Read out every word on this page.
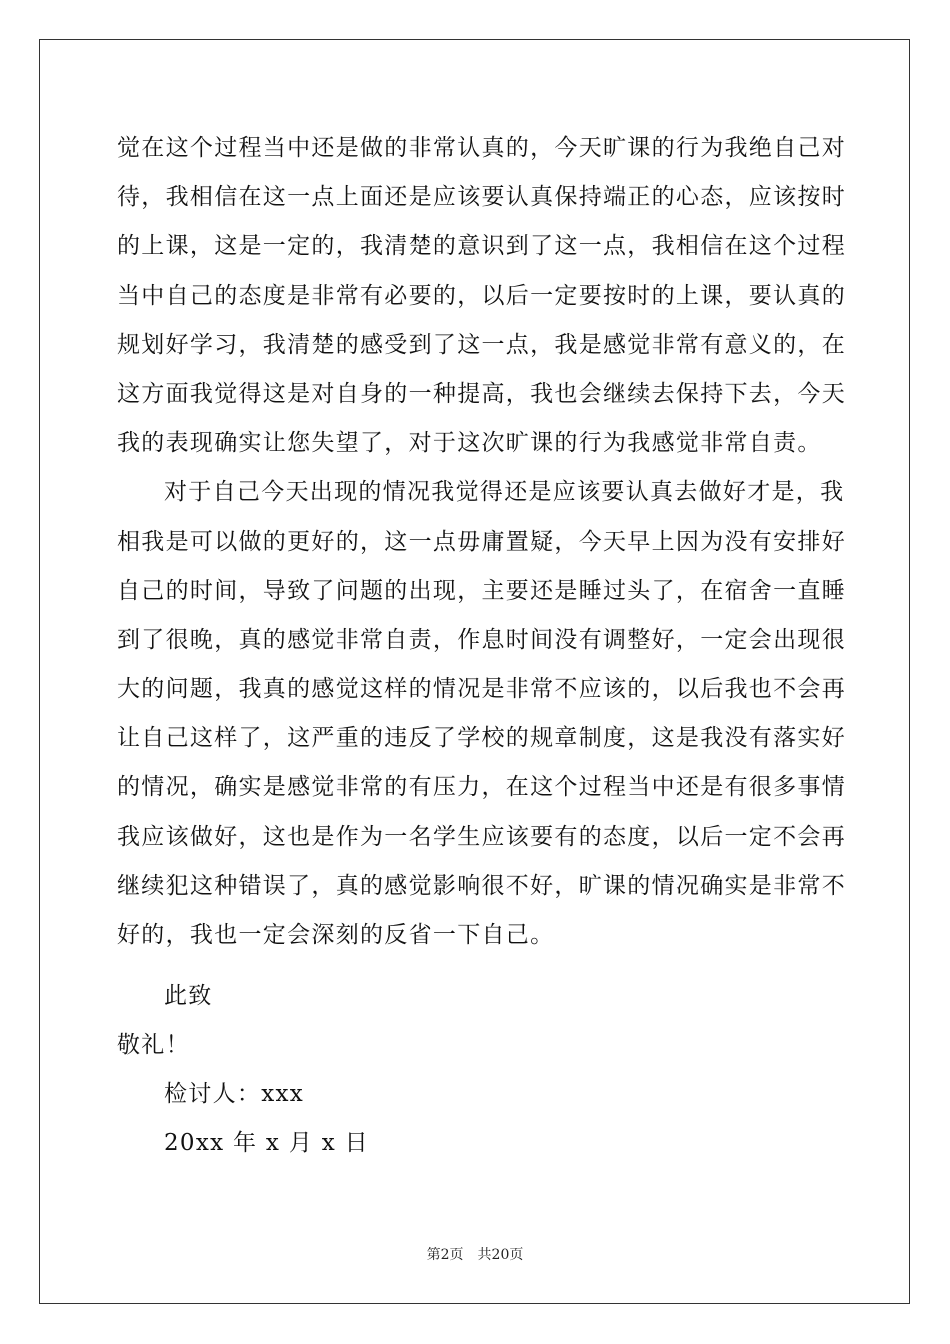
觉在这个过程当中还是做的非常认真的，今天旷课的行为我绝自己对
待，我相信在这一点上面还是应该要认真保持端正的心态，应该按时
的上课，这是一定的，我清楚的意识到了这一点，我相信在这个过程
当中自己的态度是非常有必要的，以后一定要按时的上课，要认真的
规划好学习，我清楚的感受到了这一点，我是感觉非常有意义的，在
这方面我觉得这是对自身的一种提高，我也会继续去保持下去，今天
我的表现确实让您失望了，对于这次旷课的行为我感觉非常自责。
对于自己今天出现的情况我觉得还是应该要认真去做好才是，我
相我是可以做的更好的，这一点毋庸置疑，今天早上因为没有安排好
自己的时间，导致了问题的出现，主要还是睡过头了，在宿舍一直睡
到了很晚，真的感觉非常自责，作息时间没有调整好，一定会出现很
大的问题，我真的感觉这样的情况是非常不应该的，以后我也不会再
让自己这样了，这严重的违反了学校的规章制度，这是我没有落实好
的情况，确实是感觉非常的有压力，在这个过程当中还是有很多事情
我应该做好，这也是作为一名学生应该要有的态度，以后一定不会再
继续犯这种错误了，真的感觉影响很不好，旷课的情况确实是非常不
好的，我也一定会深刻的反省一下自己。
此致
敬礼！
检讨人：xxx
20xx 年 x 月 x 日
第2页 共20页
